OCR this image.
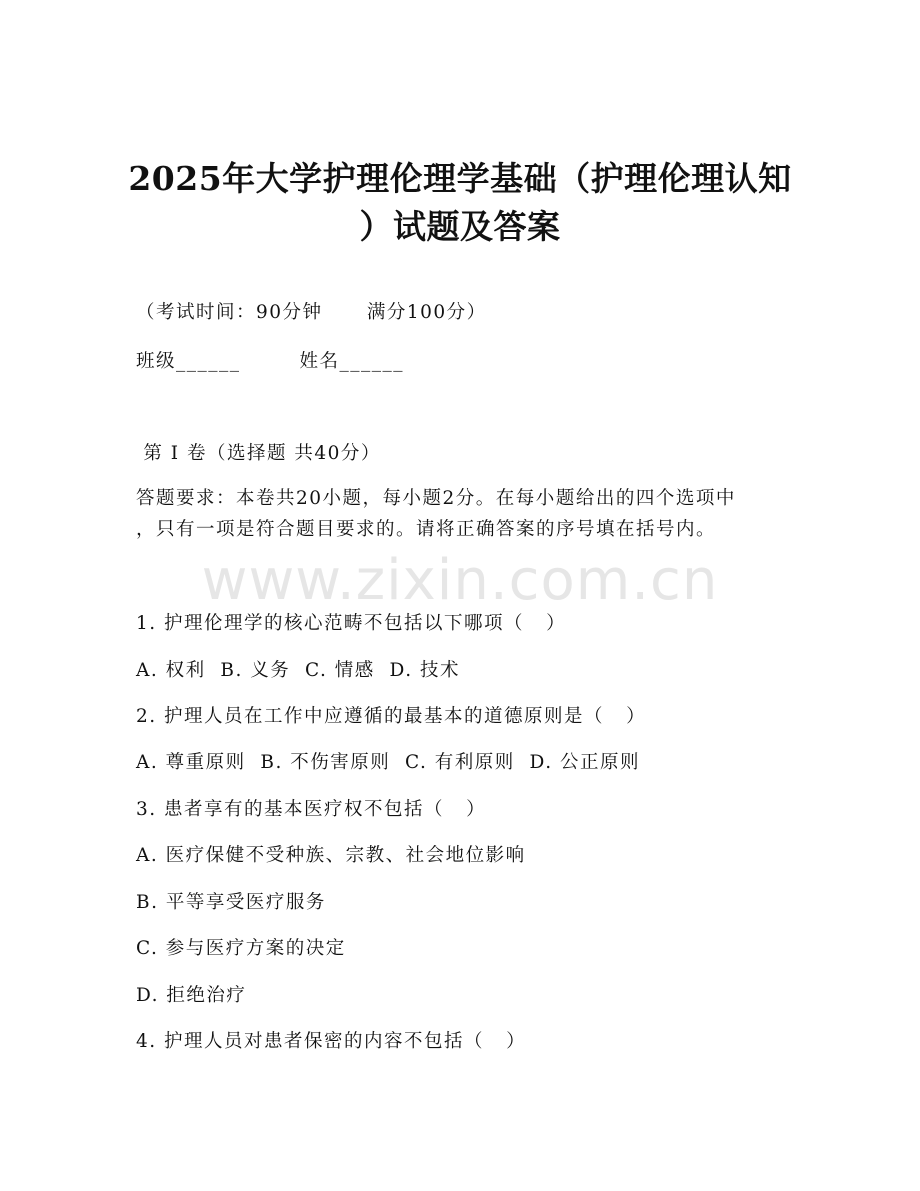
www.zixin.com.cn
2025年大学护理伦理学基础（护理伦理认知
）试题及答案
（考试时间：90分钟      满分100分）
班级______        姓名______
第 I 卷（选择题 共40分）
答题要求：本卷共20小题，每小题2分。在每小题给出的四个选项中
，只有一项是符合题目要求的。请将正确答案的序号填在括号内。
1. 护理伦理学的核心范畴不包括以下哪项（   ）
A. 权利  B. 义务  C. 情感  D. 技术
2. 护理人员在工作中应遵循的最基本的道德原则是（   ）
A. 尊重原则  B. 不伤害原则  C. 有利原则  D. 公正原则
3. 患者享有的基本医疗权不包括（   ）
A. 医疗保健不受种族、宗教、社会地位影响
B. 平等享受医疗服务
C. 参与医疗方案的决定
D. 拒绝治疗
4. 护理人员对患者保密的内容不包括（   ）
